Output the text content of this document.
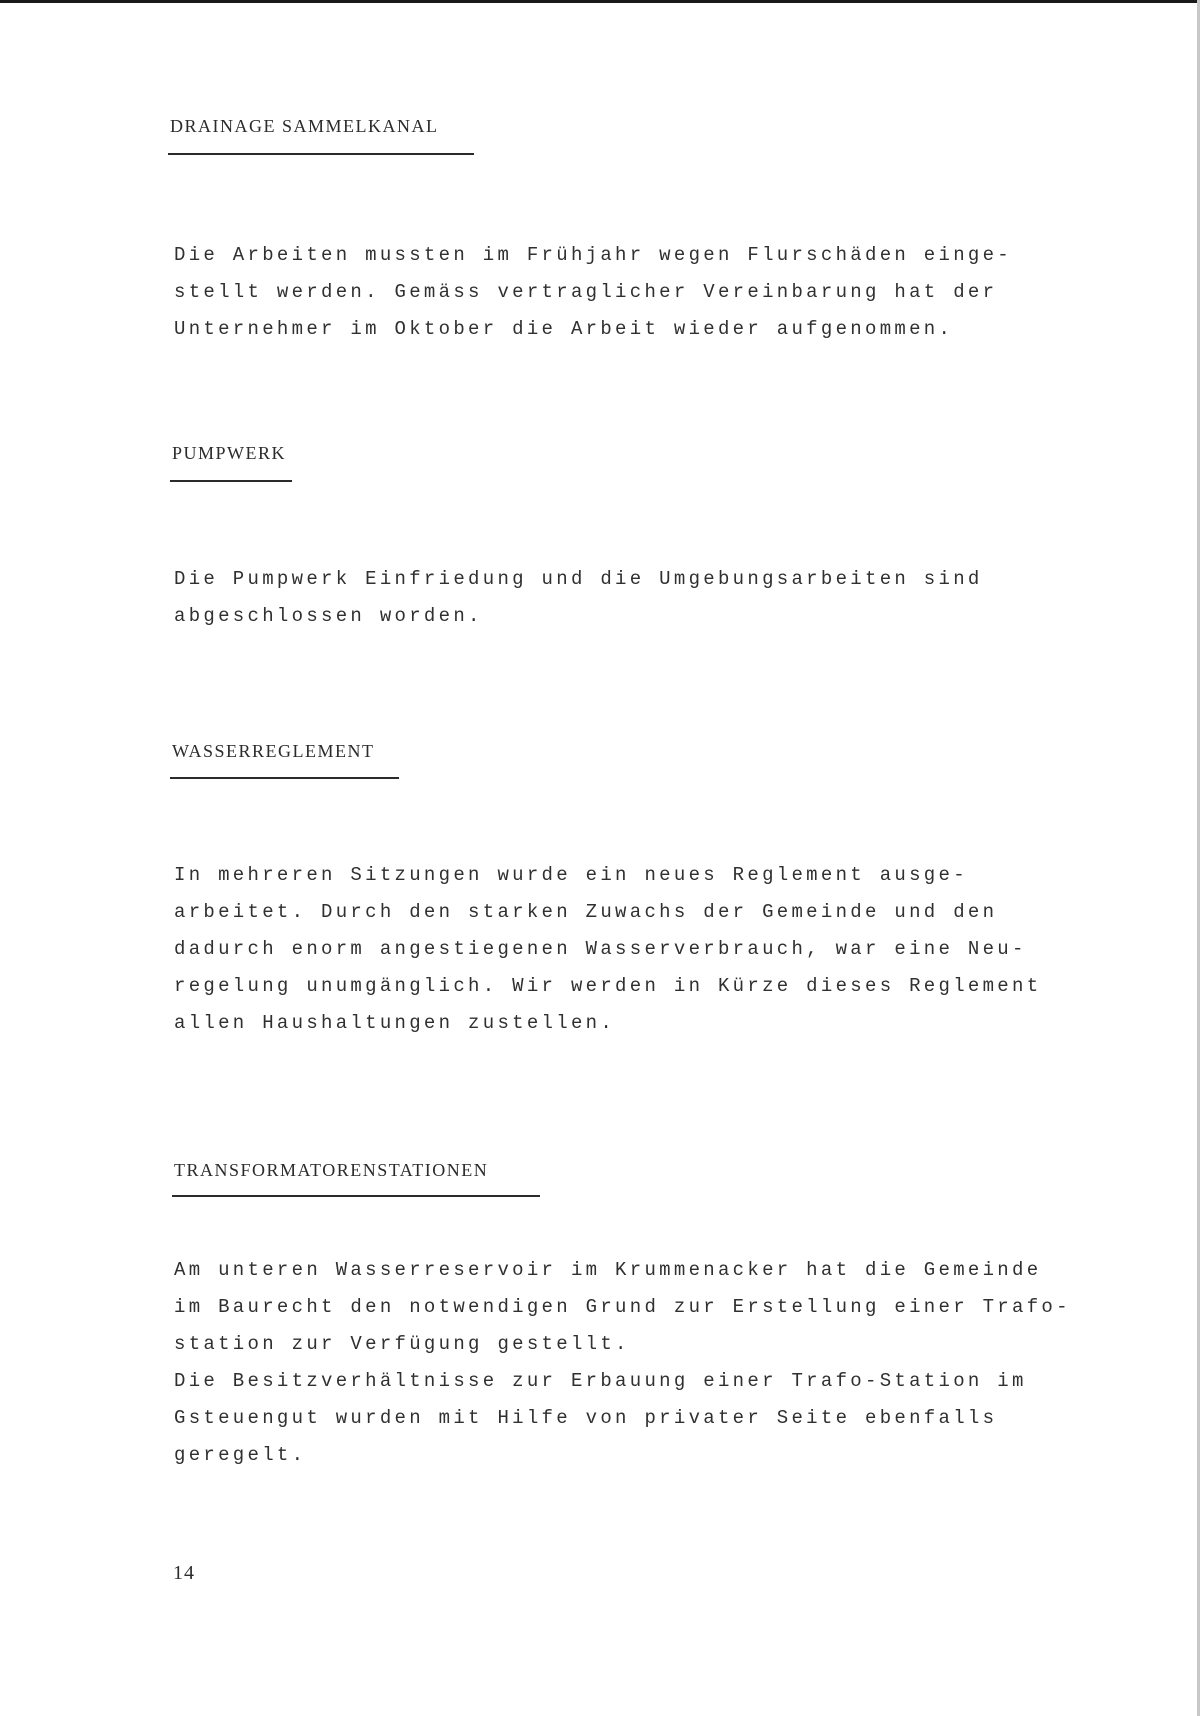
DRAINAGE SAMMELKANAL

Die Arbeiten mussten im Frühjahr wegen Flurschäden einge-
stellt werden. Gemäss vertraglicher Vereinbarung hat der
Unternehmer im Oktober die Arbeit wieder aufgenommen.

PUMPWERK

Die Pumpwerk Einfriedung und die Umgebungsarbeiten sind
abgeschlossen worden.

WASSERREGLEMENT

In mehreren Sitzungen wurde ein neues Reglement ausge-
arbeitet. Durch den starken Zuwachs der Gemeinde und den
dadurch enorm angestiegenen Wasserverbrauch, war eine Neu-
regelung unumgänglich. Wir werden in Kürze dieses Reglement
allen Haushaltungen zustellen.

TRANSFORMATORENSTATIONEN

Am unteren Wasserreservoir im Krummenacker hat die Gemeinde
im Baurecht den notwendigen Grund zur Erstellung einer Trafo-
station zur Verfügung gestellt.
Die Besitzverhältnisse zur Erbauung einer Trafo-Station im
Gsteuengut wurden mit Hilfe von privater Seite ebenfalls
geregelt.

14
